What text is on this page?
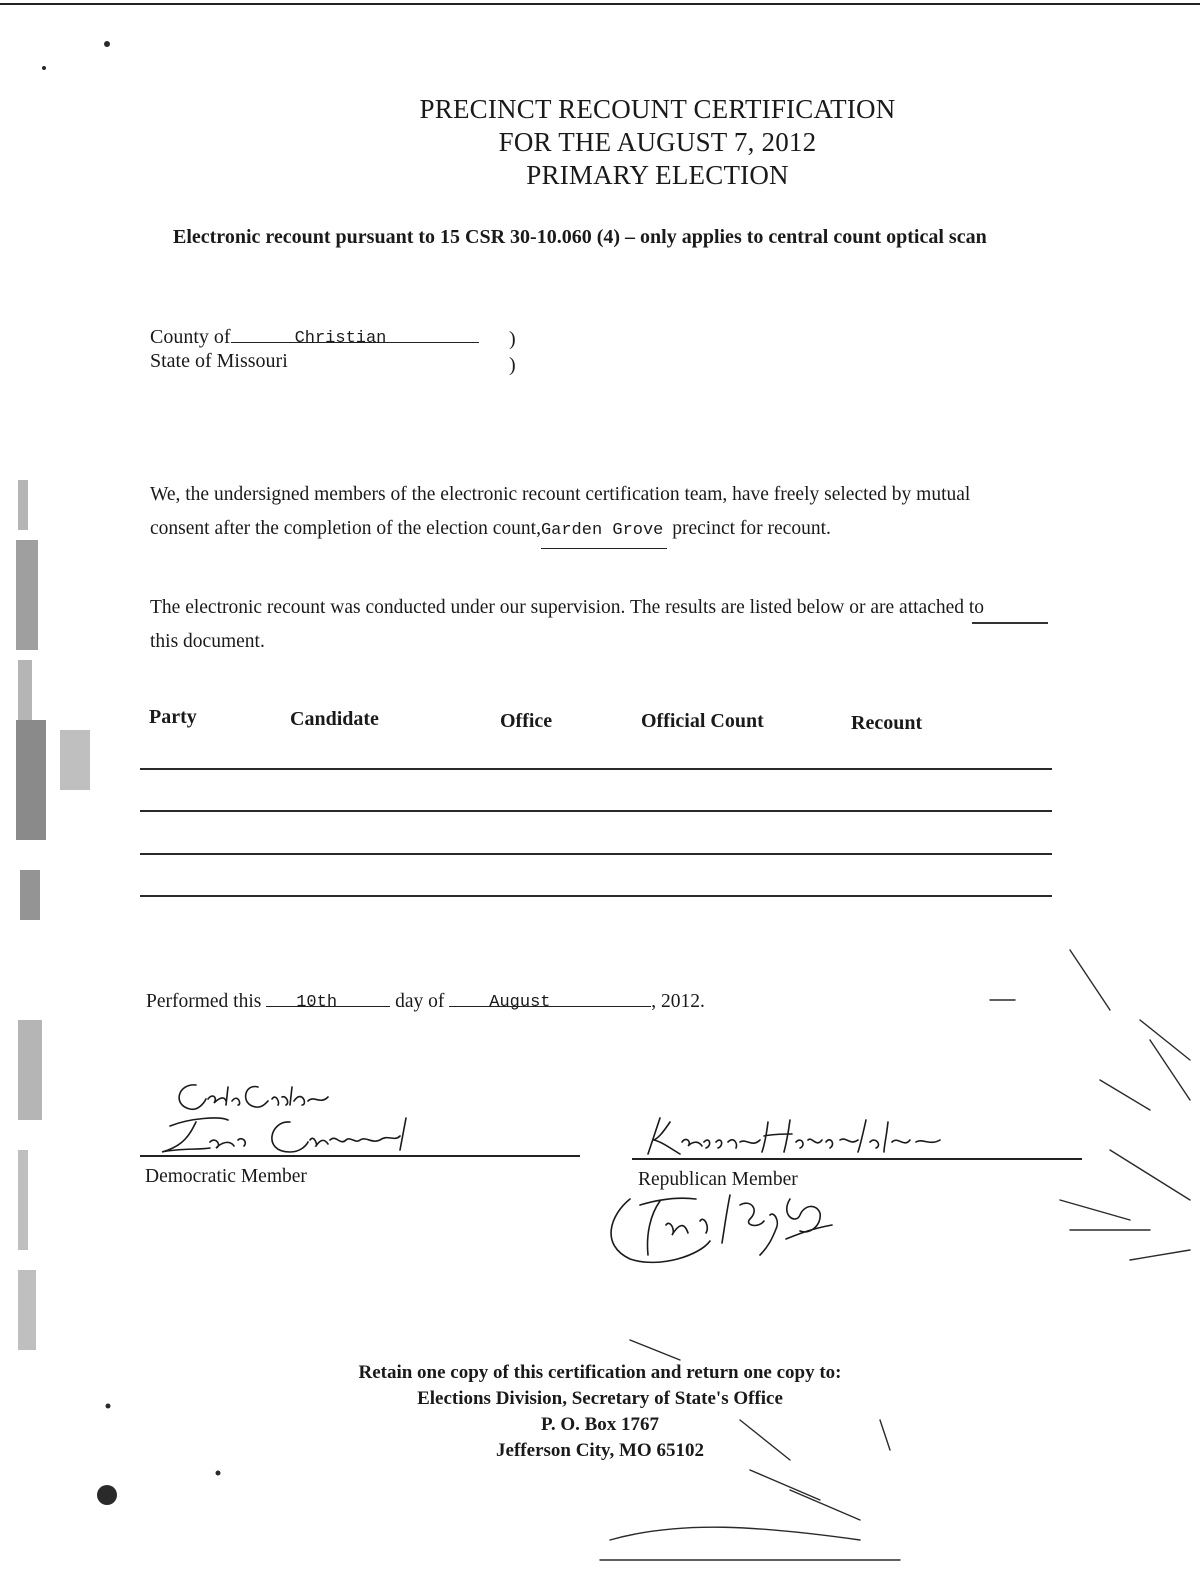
PRECINCT RECOUNT CERTIFICATION
FOR THE AUGUST 7, 2012
PRIMARY ELECTION
Electronic recount pursuant to 15 CSR 30-10.060 (4) – only applies to central count optical scan
County of	Christian
State of Missouri
)
)
We, the undersigned members of the electronic recount certification team, have freely selected by mutual
consent after the completion of the election count,Garden Grove precinct for recount.
The electronic recount was conducted under our supervision. The results are listed below or are attached to
this document.
Party	Candidate	Office	Official Count	Recount
Performed this 10th	day of	August	, 2012.
Democratic Member	Republican Member
Retain one copy of this certification and return one copy to:
Elections Division, Secretary of State's Office
P. O. Box 1767
Jefferson City, MO 65102
